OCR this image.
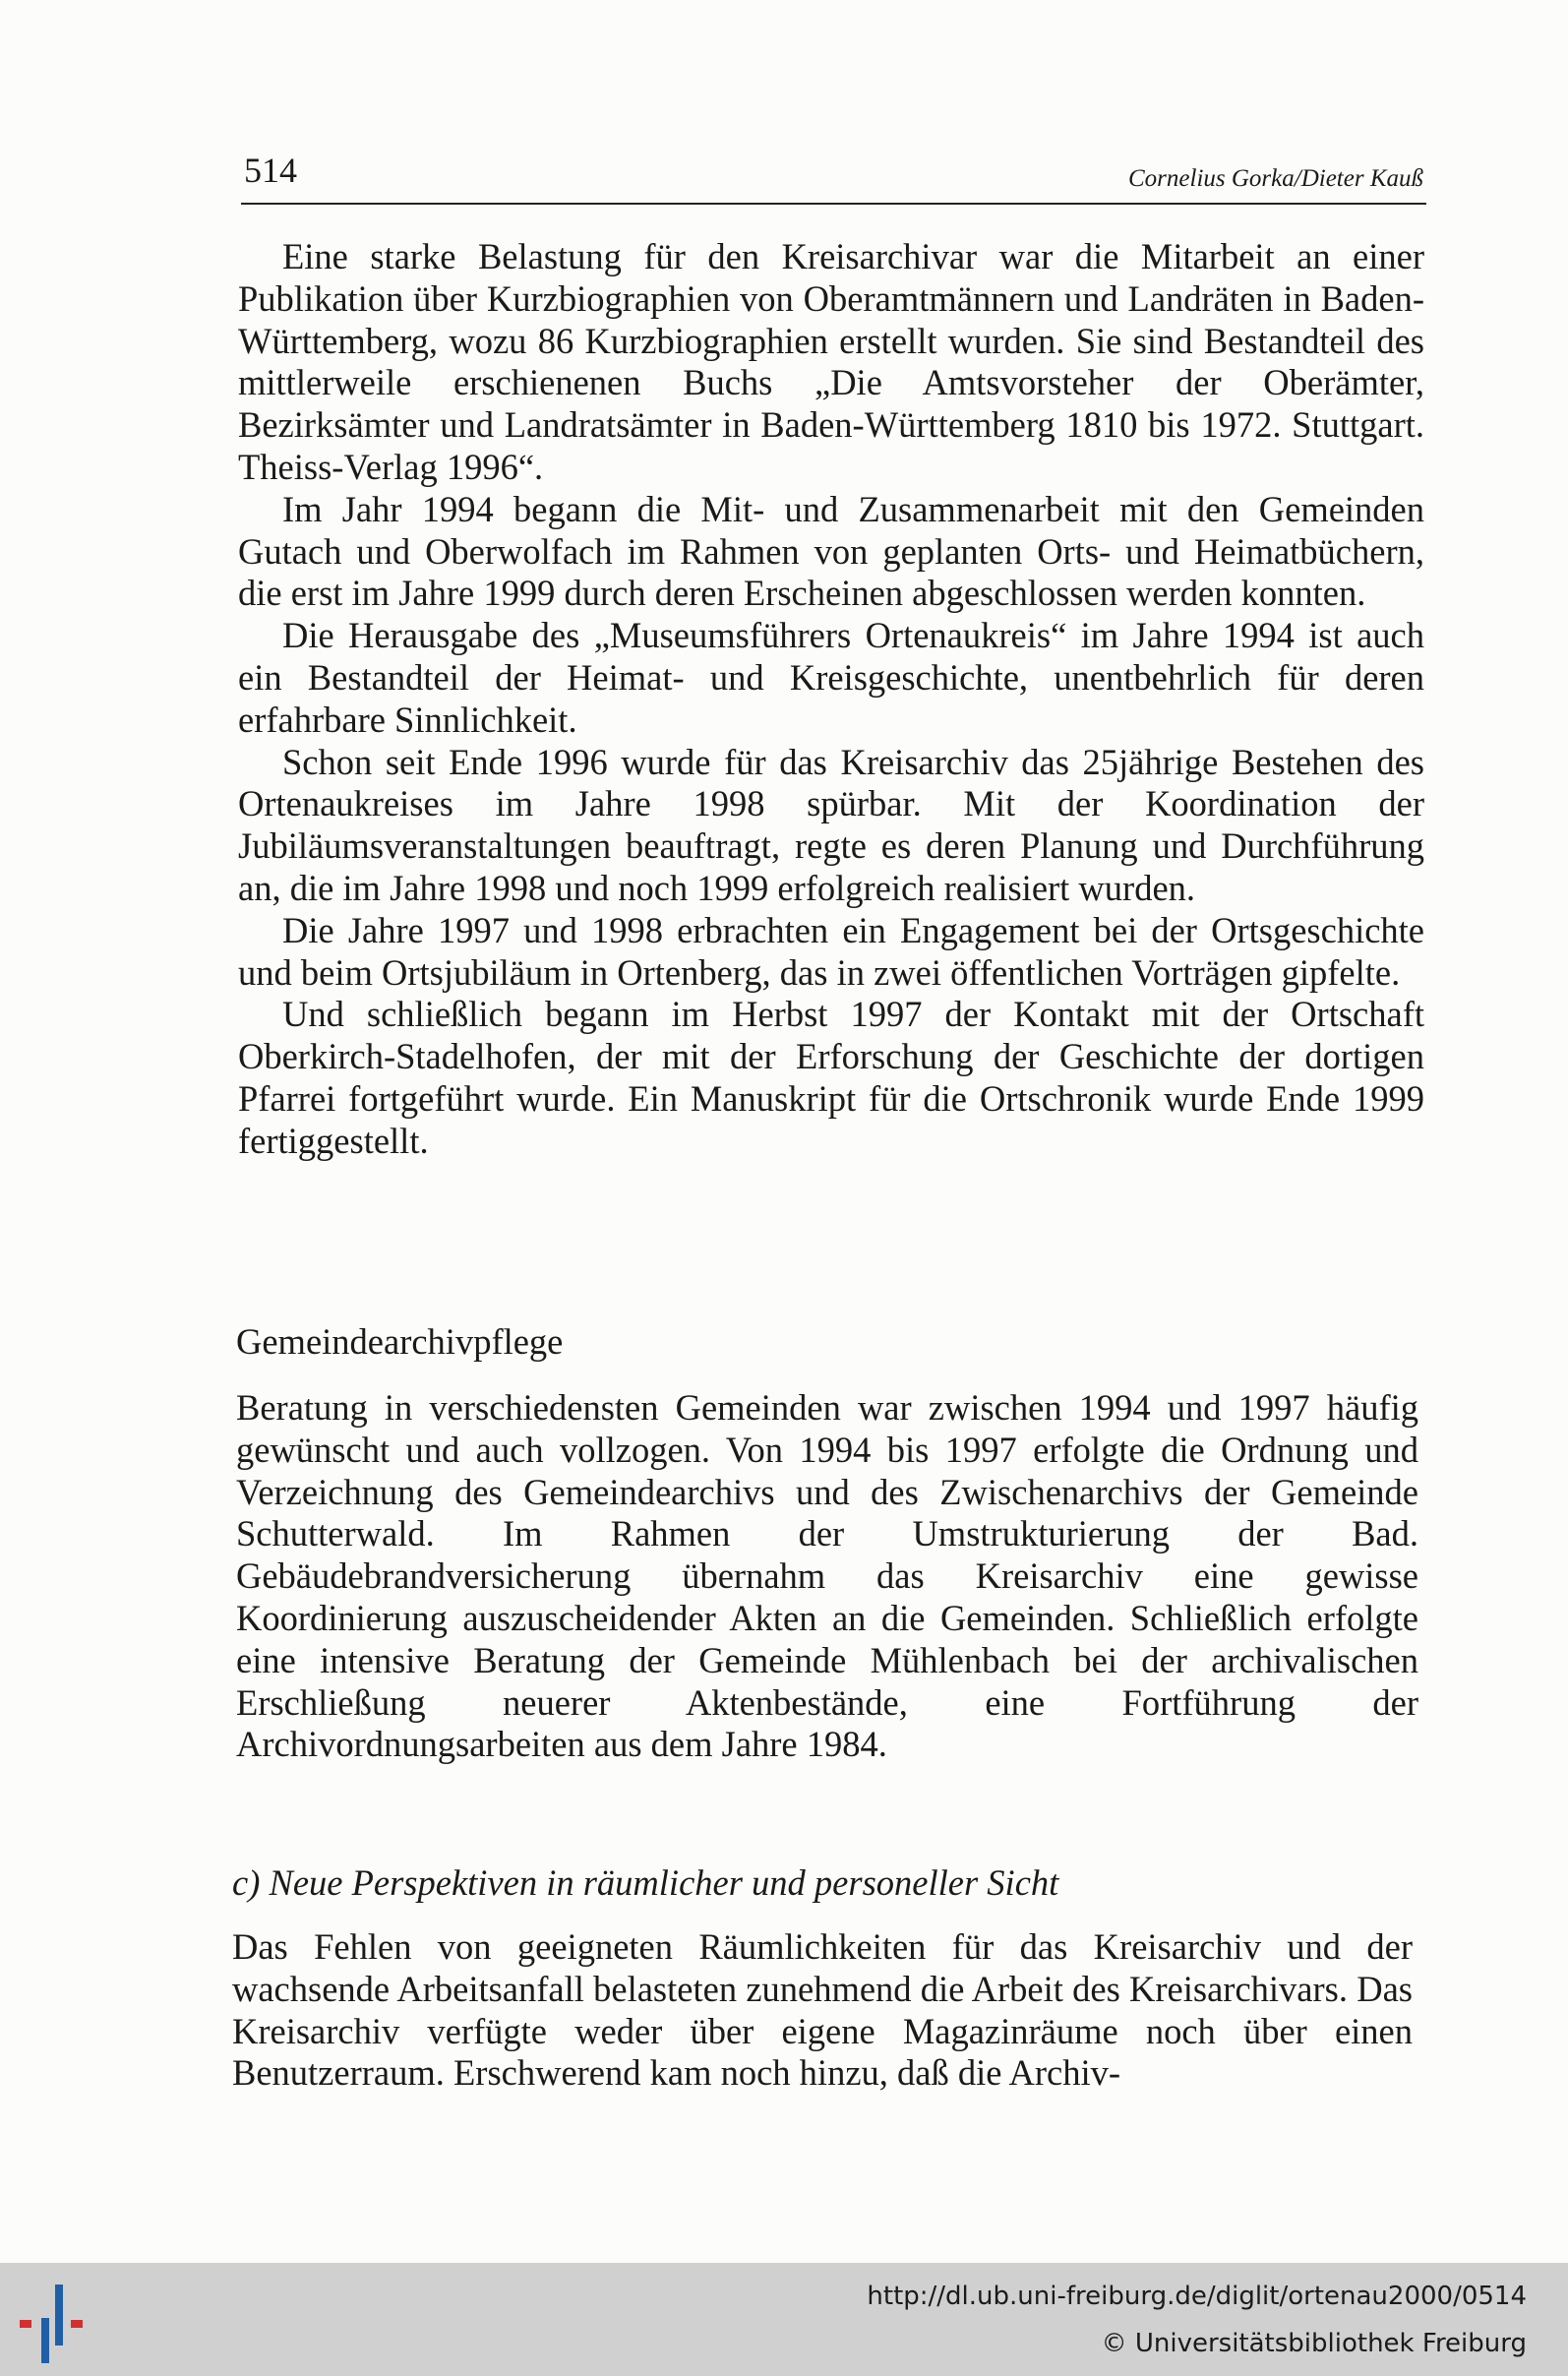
514	Cornelius Gorka/Dieter Kauß

Eine starke Belastung für den Kreisarchivar war die Mitarbeit an einer Publikation über Kurzbiographien von Oberamtmännern und Landräten in Baden-Württemberg, wozu 86 Kurzbiographien erstellt wurden. Sie sind Bestandteil des mittlerweile erschienenen Buchs „Die Amtsvorsteher der Oberämter, Bezirksämter und Landratsämter in Baden-Württemberg 1810 bis 1972. Stuttgart. Theiss-Verlag 1996“.

Im Jahr 1994 begann die Mit- und Zusammenarbeit mit den Gemeinden Gutach und Oberwolfach im Rahmen von geplanten Orts- und Heimatbüchern, die erst im Jahre 1999 durch deren Erscheinen abgeschlossen werden konnten.

Die Herausgabe des „Museumsführers Ortenaukreis“ im Jahre 1994 ist auch ein Bestandteil der Heimat- und Kreisgeschichte, unentbehrlich für deren erfahrbare Sinnlichkeit.

Schon seit Ende 1996 wurde für das Kreisarchiv das 25jährige Bestehen des Ortenaukreises im Jahre 1998 spürbar. Mit der Koordination der Jubiläumsveranstaltungen beauftragt, regte es deren Planung und Durchführung an, die im Jahre 1998 und noch 1999 erfolgreich realisiert wurden.

Die Jahre 1997 und 1998 erbrachten ein Engagement bei der Ortsgeschichte und beim Ortsjubiläum in Ortenberg, das in zwei öffentlichen Vorträgen gipfelte.

Und schließlich begann im Herbst 1997 der Kontakt mit der Ortschaft Oberkirch-Stadelhofen, der mit der Erforschung der Geschichte der dortigen Pfarrei fortgeführt wurde. Ein Manuskript für die Ortschronik wurde Ende 1999 fertiggestellt.

Gemeindearchivpflege

Beratung in verschiedensten Gemeinden war zwischen 1994 und 1997 häufig gewünscht und auch vollzogen. Von 1994 bis 1997 erfolgte die Ordnung und Verzeichnung des Gemeindearchivs und des Zwischenarchivs der Gemeinde Schutterwald. Im Rahmen der Umstrukturierung der Bad. Gebäudebrandversicherung übernahm das Kreisarchiv eine gewisse Koordinierung auszuscheidender Akten an die Gemeinden. Schließlich erfolgte eine intensive Beratung der Gemeinde Mühlenbach bei der archivalischen Erschließung neuerer Aktenbestände, eine Fortführung der Archivordnungsarbeiten aus dem Jahre 1984.

c) Neue Perspektiven in räumlicher und personeller Sicht

Das Fehlen von geeigneten Räumlichkeiten für das Kreisarchiv und der wachsende Arbeitsanfall belasteten zunehmend die Arbeit des Kreisarchivars. Das Kreisarchiv verfügte weder über eigene Magazinräume noch über einen Benutzerraum. Erschwerend kam noch hinzu, daß die Archiv-

http://dl.ub.uni-freiburg.de/diglit/ortenau2000/0514
© Universitätsbibliothek Freiburg
